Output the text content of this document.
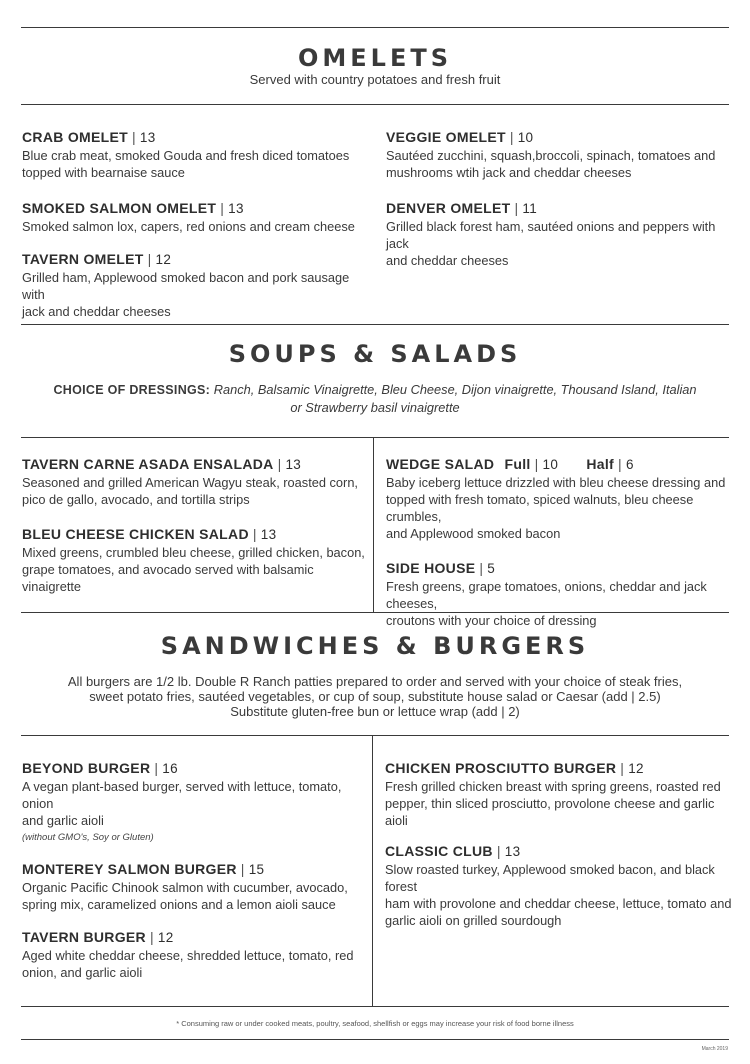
OMELETS
Served with country potatoes and fresh fruit
CRAB OMELET | 13
Blue crab meat, smoked Gouda and fresh diced tomatoes
topped with bearnaise sauce
SMOKED SALMON OMELET | 13
Smoked salmon lox, capers, red onions and cream cheese
TAVERN OMELET | 12
Grilled ham, Applewood smoked bacon and pork sausage with
jack and cheddar cheeses
VEGGIE OMELET | 10
Sautéed zucchini, squash,broccoli, spinach, tomatoes and
mushrooms wtih jack and cheddar cheeses
DENVER OMELET | 11
Grilled black forest ham, sautéed onions and peppers with jack
and cheddar cheeses
SOUPS & SALADS
CHOICE OF DRESSINGS: Ranch, Balsamic Vinaigrette, Bleu Cheese, Dijon vinaigrette, Thousand Island, Italian
or Strawberry basil vinaigrette
TAVERN CARNE ASADA ENSALADA | 13
Seasoned and grilled American Wagyu steak, roasted corn,
pico de gallo, avocado, and tortilla strips
BLEU CHEESE CHICKEN SALAD | 13
Mixed greens, crumbled bleu cheese, grilled chicken, bacon,
grape tomatoes, and avocado served with balsamic vinaigrette
WEDGE SALAD Full | 10 Half | 6
Baby iceberg lettuce drizzled with bleu cheese dressing and
topped with fresh tomato, spiced walnuts, bleu cheese crumbles,
and Applewood smoked bacon
SIDE HOUSE | 5
Fresh greens, grape tomatoes, onions, cheddar and jack cheeses,
croutons with your choice of dressing
SANDWICHES & BURGERS
All burgers are 1/2 lb. Double R Ranch patties prepared to order and served with your choice of steak fries,
sweet potato fries, sautéed vegetables, or cup of soup, substitute house salad or Caesar (add | 2.5)
Substitute gluten-free bun or lettuce wrap (add | 2)
BEYOND BURGER | 16
A vegan plant-based burger, served with lettuce, tomato, onion
and garlic aioli
(without GMO's, Soy or Gluten)
MONTEREY SALMON BURGER | 15
Organic Pacific Chinook salmon with cucumber, avocado,
spring mix, caramelized onions and a lemon aioli sauce
TAVERN BURGER | 12
Aged white cheddar cheese, shredded lettuce, tomato, red
onion, and garlic aioli
CHICKEN PROSCIUTTO BURGER | 12
Fresh grilled chicken breast with spring greens, roasted red
pepper, thin sliced prosciutto, provolone cheese and garlic aioli
CLASSIC CLUB | 13
Slow roasted turkey, Applewood smoked bacon, and black forest
ham with provolone and cheddar cheese, lettuce, tomato and
garlic aioli on grilled sourdough
* Consuming raw or under cooked meats, poultry, seafood, shellfish or eggs may increase your risk of food borne illness
March 2019
